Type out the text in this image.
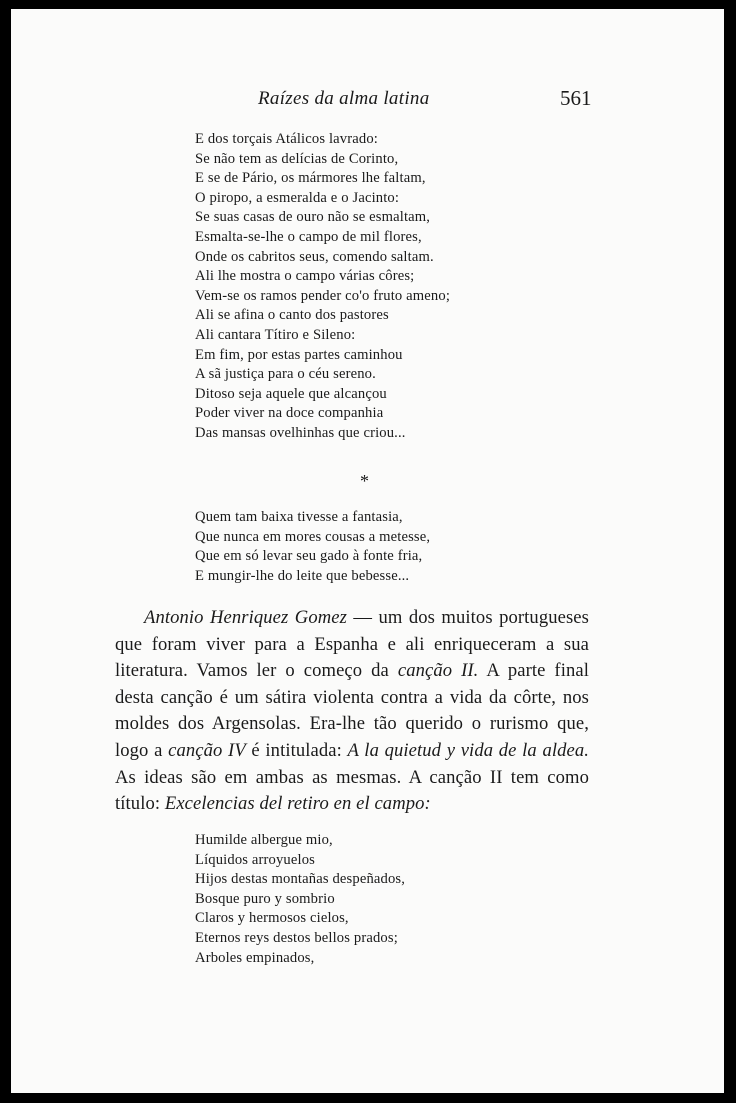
Raízes da alma latina	561
E dos torçais Atálicos lavrado:
Se não tem as delícias de Corinto,
E se de Pário, os mármores lhe faltam,
O piropo, a esmeralda e o Jacinto:
Se suas casas de ouro não se esmaltam,
Esmalta-se-lhe o campo de mil flores,
Onde os cabritos seus, comendo saltam.
Ali lhe mostra o campo várias côres;
Vem-se os ramos pender co'o fruto ameno;
Ali se afina o canto dos pastores
Ali cantara Títiro e Sileno:
Em fim, por estas partes caminhou
A sã justiça para o céu sereno.
Ditoso seja aquele que alcançou
Poder viver na doce companhia
Das mansas ovelhinhas que criou...
*
Quem tam baixa tivesse a fantasia,
Que nunca em mores cousas a metesse,
Que em só levar seu gado à fonte fria,
E mungir-lhe do leite que bebesse...

Antonio Henriquez Gomez — um dos muitos portugueses que foram viver para a Espanha e ali enriqueceram a sua literatura. Vamos ler o começo da canção II. A parte final desta canção é um sátira violenta contra a vida da côrte, nos moldes dos Argensolas. Era-lhe tão querido o rurismo que, logo a canção IV é intitulada: A la quietud y vida de la aldea. As ideas são em ambas as mesmas. A canção II tem como título: Excelencias del retiro en el campo:

Humilde albergue mio,
Líquidos arroyuelos
Hijos destas montañas despeñados,
Bosque puro y sombrio
Claros y hermosos cielos,
Eternos reys destos bellos prados;
Arboles empinados,
